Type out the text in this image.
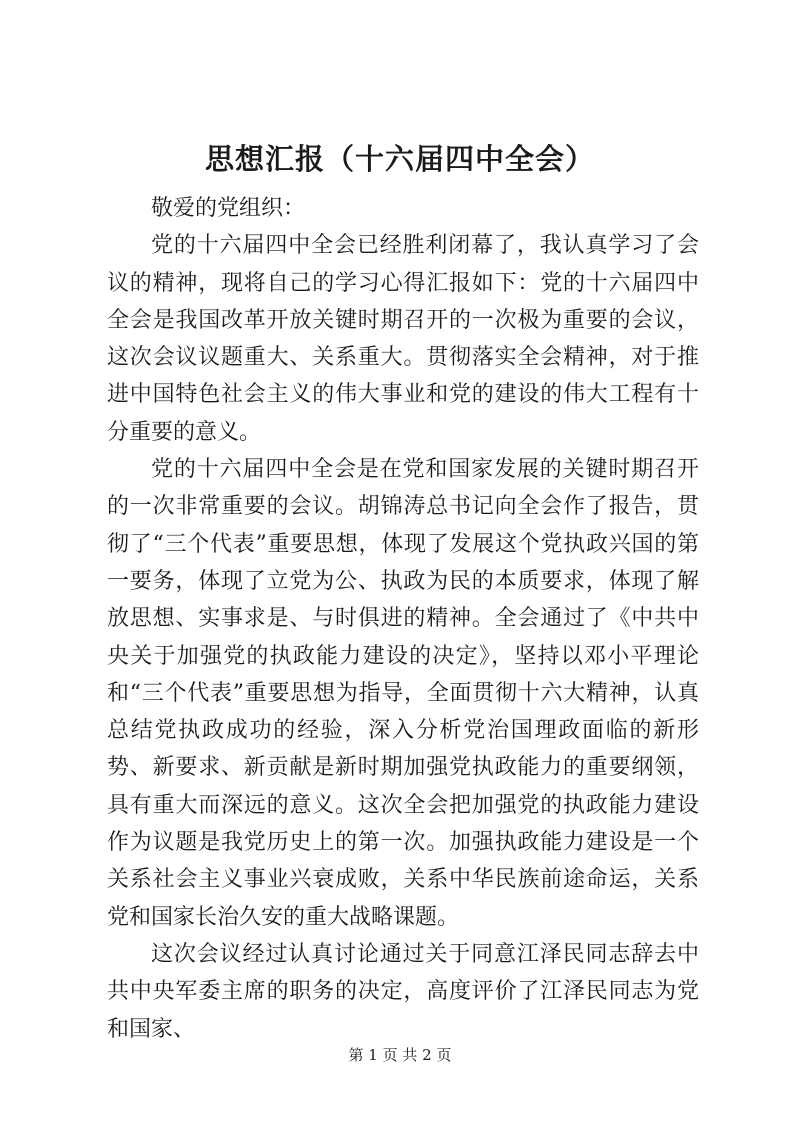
思想汇报（十六届四中全会）

敬爱的党组织：

党的十六届四中全会已经胜利闭幕了，我认真学习了会议的精神，现将自己的学习心得汇报如下：党的十六届四中全会是我国改革开放关键时期召开的一次极为重要的会议，这次会议议题重大、关系重大。贯彻落实全会精神，对于推进中国特色社会主义的伟大事业和党的建设的伟大工程有十分重要的意义。

党的十六届四中全会是在党和国家发展的关键时期召开的一次非常重要的会议。胡锦涛总书记向全会作了报告，贯彻了“三个代表”重要思想，体现了发展这个党执政兴国的第一要务，体现了立党为公、执政为民的本质要求，体现了解放思想、实事求是、与时俱进的精神。全会通过了《中共中央关于加强党的执政能力建设的决定》，坚持以邓小平理论和“三个代表”重要思想为指导，全面贯彻十六大精神，认真总结党执政成功的经验，深入分析党治国理政面临的新形势、新要求、新贡献是新时期加强党执政能力的重要纲领，具有重大而深远的意义。这次全会把加强党的执政能力建设作为议题是我党历史上的第一次。加强执政能力建设是一个关系社会主义事业兴衰成败，关系中华民族前途命运，关系党和国家长治久安的重大战略课题。

这次会议经过认真讨论通过关于同意江泽民同志辞去中共中央军委主席的职务的决定，高度评价了江泽民同志为党和国家、

第 1 页 共 2 页
